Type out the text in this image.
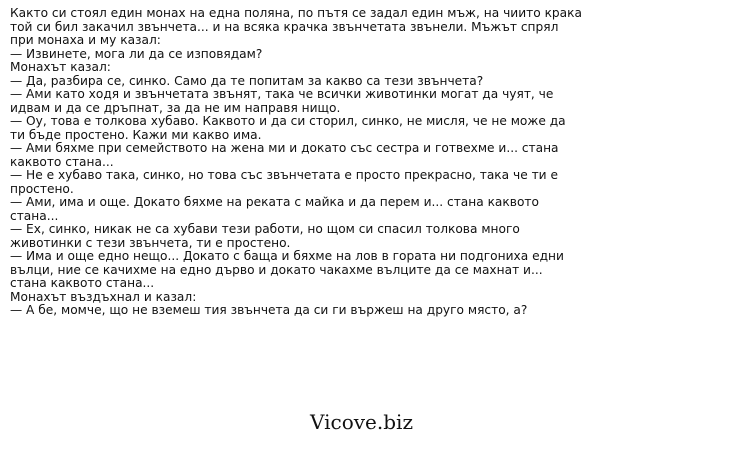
Както си стоял един монах на една поляна, по пътя се задал един мъж, на чиито крака
той си бил закачил звънчета... и на всяка крачка звънчетата звънели. Мъжът спрял
при монаха и му казал:
— Извинете, мога ли да се изповядам?
Монахът казал:
— Да, разбира се, синко. Само да те попитам за какво са тези звънчета?
— Ами като ходя и звънчетата звънят, така че всички животинки могат да чуят, че
идвам и да се дръпнат, за да не им направя нищо.
— Оу, това е толкова хубаво. Каквото и да си сторил, синко, не мисля, че не може да
ти бъде простено. Кажи ми какво има.
— Ами бяхме при семейството на жена ми и докато със сестра и готвехме и... стана
каквото стана...
— Не е хубаво така, синко, но това със звънчетата е просто прекрасно, така че ти е
простено.
— Ами, има и още. Докато бяхме на реката с майка и да перем и... стана каквото
стана...
— Ех, синко, никак не са хубави тези работи, но щом си спасил толкова много
животинки с тези звънчета, ти е простено.
— Има и още едно нещо... Докато с баща и бяхме на лов в гората ни подгониха едни
вълци, ние се качихме на едно дърво и докато чакахме вълците да се махнат и...
стана каквото стана...
Монахът въздъхнал и казал:
— А бе, момче, що не вземеш тия звънчета да си ги вържеш на друго място, а?
Vicove.biz
